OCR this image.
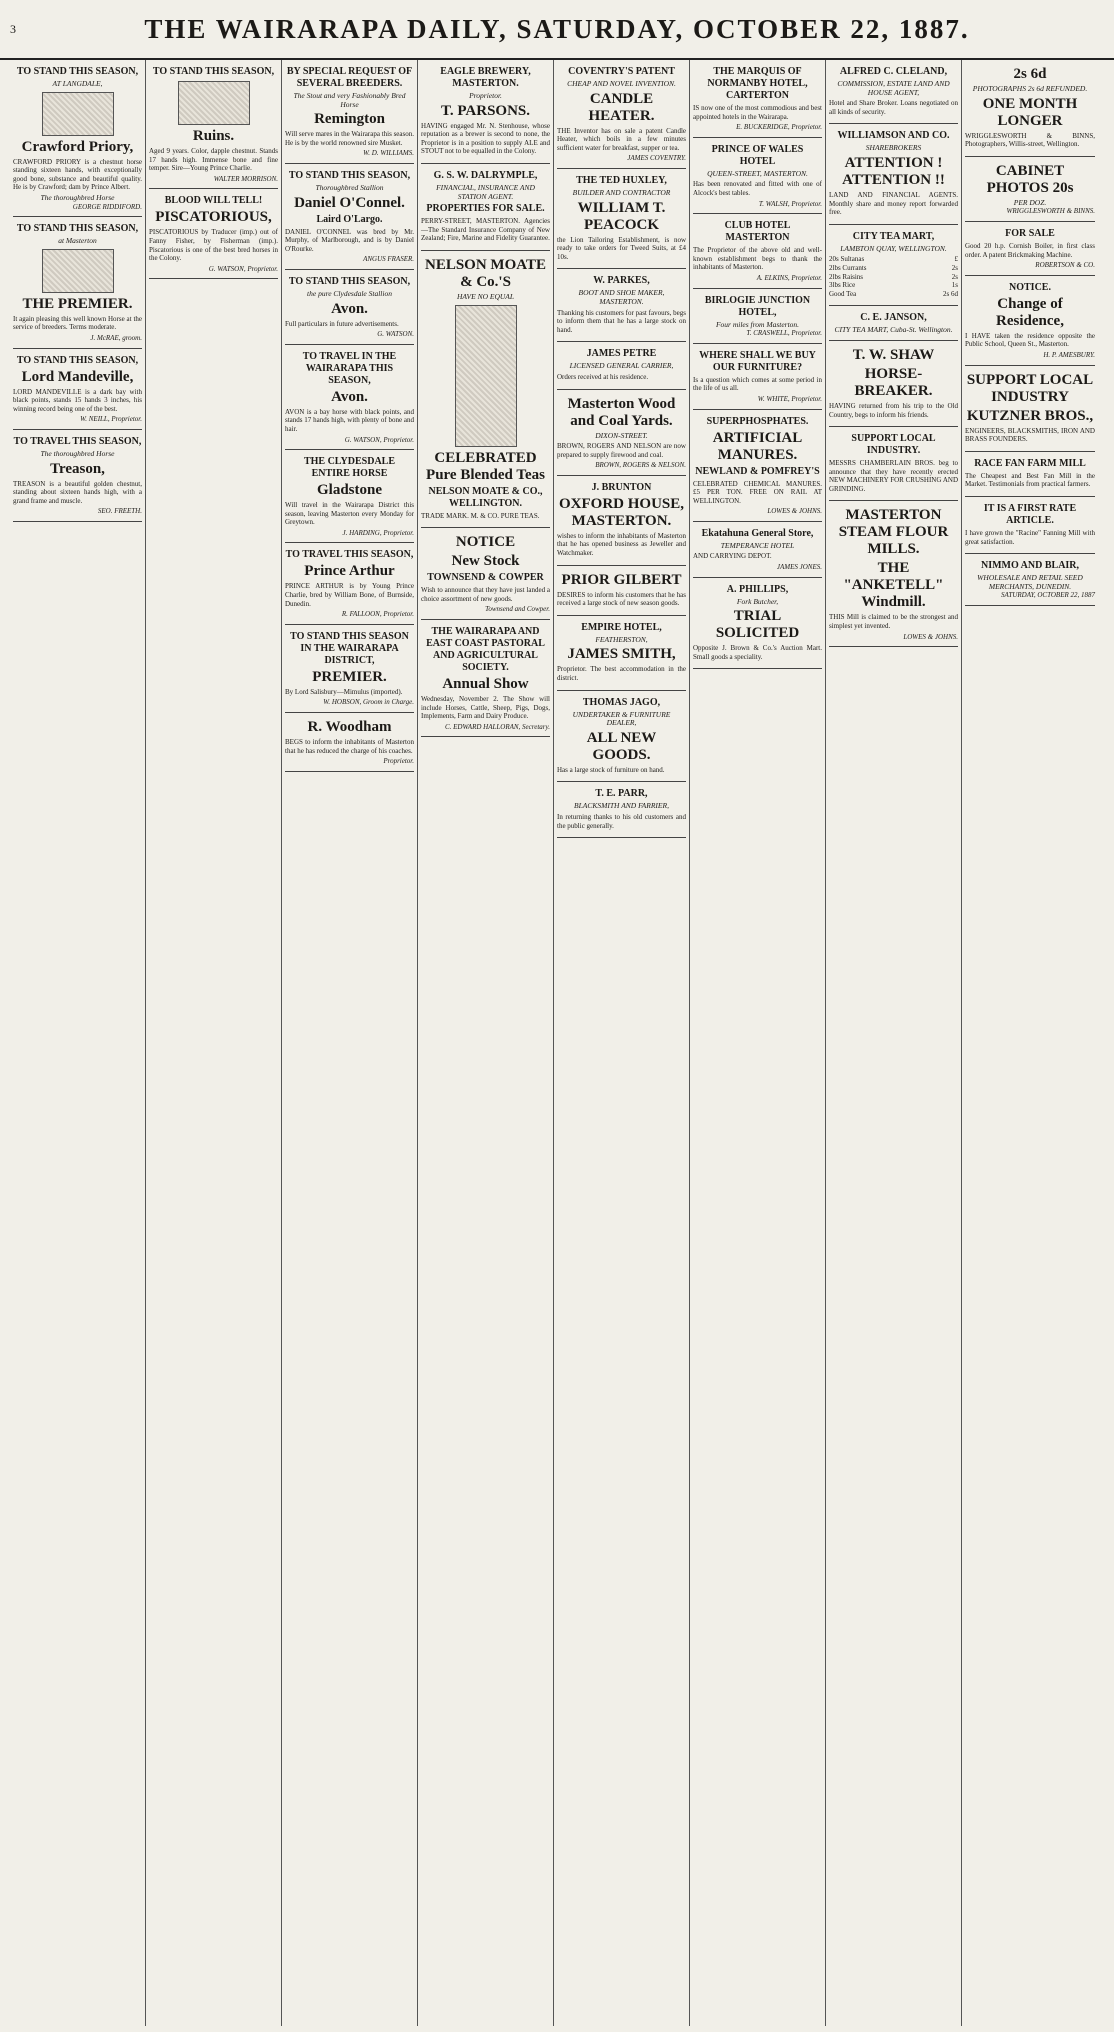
3	THE WAIRARAPA DAILY, SATURDAY, OCTOBER 22, 1887.
TO STAND THIS SEASON,
AT LANGDALE,
Crawford Priory,

CRAWFORD PRIORY is a chestnut horse standing sixteen hands, with exceptionally good bone, substance and beautiful quality. He is by Crawford; dam by Prince Albert.

The thoroughbred Horse
GEORGE RIDDIFORD.
TO STAND THIS SEASON,
at Masterton
THE PREMIER.

It again pleasing this well known Horse at the service of breeders. Terms moderate.

J. McRAE, groom.
TO STAND THIS SEASON,
Lord Mandeville,

LORD MANDEVILLE is a dark bay with black points, stands 15 hands 3 inches, his winning record being one of the best.

W. NEILL, Proprietor.
TO TRAVEL THIS SEASON,
The thoroughbred Horse
Treason,

TREASON is a beautiful golden chestnut, standing about sixteen hands high, with a grand frame and muscle.

SEO. FREETH.
TO STAND THIS SEASON,
Ruins.

Aged 9 years. Color, dapple chestnut. Stands 17 hands high. Immense bone and fine temper. Sire—Young Prince Charlie.

WALTER MORRISON.
BLOOD WILL TELL!
PISCATORIOUS,

PISCATORIOUS by Traducer (imp.) out of Fanny Fisher, by Fisherman (imp.). Piscatorious is one of the best bred horses in the Colony.

G. WATSON, Proprietor.
BY SPECIAL REQUEST OF SEVERAL BREEDERS.
The Stout and very Fashionably Bred Horse
Remington

Will serve mares in the Wairarapa this season. He is by the world renowned sire Musket.

W. D. WILLIAMS.
TO STAND THIS SEASON,
Thoroughbred Stallion
Daniel O'Connel.
Laird O'Largo.

DANIEL O'CONNEL was bred by Mr. Murphy, of Marlborough, and is by Daniel O'Rourke.

ANGUS FRASER.
TO STAND THIS SEASON,
the pure Clydesdale Stallion
Avon.

Full particulars in future advertisements.

G. WATSON.
TO TRAVEL IN THE WAIRARAPA THIS SEASON,
Avon.

AVON is a bay horse with black points, and stands 17 hands high, with plenty of bone and hair.

G. WATSON, Proprietor.
THE CLYDESDALE ENTIRE HORSE
Gladstone

Will travel in the Wairarapa District this season, leaving Masterton every Monday for Greytown.

J. HARDING, Proprietor.
TO TRAVEL THIS SEASON,
Prince Arthur

PRINCE ARTHUR is by Young Prince Charlie, bred by William Bone, of Burnside, Dunedin.

R. FALLOON, Proprietor.
TO STAND THIS SEASON IN THE WAIRARAPA DISTRICT,
PREMIER.

By Lord Salisbury—Mimulus (imported).

W. HOBSON, Groom in Charge.
R. Woodham

BEGS to inform the inhabitants of Masterton that he has reduced the charge of his coaches.

Proprietor.
EAGLE BREWERY, MASTERTON.
Proprietor.
T. PARSONS.

HAVING engaged Mr. N. Stenhouse, whose reputation as a brewer is second to none, the Proprietor is in a position to supply ALE and STOUT not to be equalled in the Colony.

G. S. W. DALRYMPLE,
FINANCIAL, INSURANCE AND STATION AGENT.
PROPERTIES FOR SALE.

PERRY-STREET, MASTERTON. Agencies—The Standard Insurance Company of New Zealand; Fire, Marine and Fidelity Guarantee.

NELSON MOATE & Co.'S
HAVE NO EQUAL
CELEBRATED Pure Blended Teas
NELSON MOATE & CO., WELLINGTON.

TRADE MARK. M. & CO. PURE TEAS.

NOTICE
New Stock
TOWNSEND & COWPER

Wish to announce that they have just landed a choice assortment of new goods.

Townsend and Cowper.
THE WAIRARAPA AND EAST COAST PASTORAL AND AGRICULTURAL SOCIETY.
Annual Show

Wednesday, November 2. The Show will include Horses, Cattle, Sheep, Pigs, Dogs, Implements, Farm and Dairy Produce.

C. EDWARD HALLORAN, Secretary.
COVENTRY'S PATENT
CHEAP AND NOVEL INVENTION.
CANDLE HEATER.

THE Inventor has on sale a patent Candle Heater, which boils in a few minutes sufficient water for breakfast, supper or tea.

JAMES COVENTRY.
THE TED HUXLEY,
BUILDER AND CONTRACTOR
WILLIAM T. PEACOCK

the Lion Tailoring Establishment, is now ready to take orders for Tweed Suits, at £4 10s.

W. PARKES,
BOOT AND SHOE MAKER, MASTERTON.

Thanking his customers for past favours, begs to inform them that he has a large stock on hand.

JAMES PETRE
LICENSED GENERAL CARRIER,

Orders received at his residence.

Masterton Wood and Coal Yards.
DIXON-STREET.

BROWN, ROGERS AND NELSON are now prepared to supply firewood and coal.

BROWN, ROGERS & NELSON.
J. BRUNTON
OXFORD HOUSE, MASTERTON.

wishes to inform the inhabitants of Masterton that he has opened business as Jeweller and Watchmaker.

PRIOR GILBERT

DESIRES to inform his customers that he has received a large stock of new season goods.

EMPIRE HOTEL,
FEATHERSTON,
JAMES SMITH,

Proprietor. The best accommodation in the district.

THOMAS JAGO,
UNDERTAKER & FURNITURE DEALER,
ALL NEW GOODS.

Has a large stock of furniture on hand.

T. E. PARR,
BLACKSMITH AND FARRIER,

In returning thanks to his old customers and the public generally.

THE MARQUIS OF NORMANBY HOTEL, CARTERTON

IS now one of the most commodious and best appointed hotels in the Wairarapa.

E. BUCKERIDGE, Proprietor.
PRINCE OF WALES HOTEL
QUEEN-STREET, MASTERTON.

Has been renovated and fitted with one of Alcock's best tables.

T. WALSH, Proprietor.
CLUB HOTEL MASTERTON

The Proprietor of the above old and well-known establishment begs to thank the inhabitants of Masterton.

A. ELKINS, Proprietor.
BIRLOGIE JUNCTION HOTEL,
Four miles from Masterton.
T. CRASWELL, Proprietor.
WHERE SHALL WE BUY OUR FURNITURE?

Is a question which comes at some period in the life of us all.

W. WHITE, Proprietor.
SUPERPHOSPHATES.
ARTIFICIAL MANURES.
NEWLAND & POMFREY'S

CELEBRATED CHEMICAL MANURES. £5 PER TON. FREE ON RAIL AT WELLINGTON.

LOWES & JOHNS.
Ekatahuna General Store,
TEMPERANCE HOTEL

AND CARRYING DEPOT.

JAMES JONES.
A. PHILLIPS,
Fork Butcher,
TRIAL SOLICITED

Opposite J. Brown & Co.'s Auction Mart. Small goods a speciality.

ALFRED C. CLELAND,
COMMISSION, ESTATE LAND AND HOUSE AGENT,

Hotel and Share Broker. Loans negotiated on all kinds of security.

WILLIAMSON AND CO.
SHAREBROKERS
ATTENTION ! ATTENTION !!

LAND AND FINANCIAL AGENTS. Monthly share and money report forwarded free.

CITY TEA MART,
LAMBTON QUAY, WELLINGTON.
20s Sultanas	£
2lbs Currants	2s
2lbs Raisins	2s
3lbs Rice	1s
Good Tea	2s 6d
C. E. JANSON,
CITY TEA MART, Cuba-St. Wellington.
T. W. SHAW
HORSE-BREAKER.

HAVING returned from his trip to the Old Country, begs to inform his friends.

SUPPORT LOCAL INDUSTRY.

MESSRS CHAMBERLAIN BROS. beg to announce that they have recently erected NEW MACHINERY FOR CRUSHING AND GRINDING.

MASTERTON STEAM FLOUR MILLS.
THE "ANKETELL" Windmill.

THIS Mill is claimed to be the strongest and simplest yet invented.

LOWES & JOHNS.
2s 6d
PHOTOGRAPHS 2s 6d REFUNDED.
ONE MONTH LONGER

WRIGGLESWORTH & BINNS, Photographers, Willis-street, Wellington.

CABINET PHOTOS 20s
PER DOZ.
WRIGGLESWORTH & BINNS.
FOR SALE

Good 20 h.p. Cornish Boiler, in first class order. A patent Brickmaking Machine.

ROBERTSON & CO.
NOTICE.
Change of Residence,

I HAVE taken the residence opposite the Public School, Queen St., Masterton.

H. P. AMESBURY.
SUPPORT LOCAL INDUSTRY
KUTZNER BROS.,

ENGINEERS, BLACKSMITHS, IRON AND BRASS FOUNDERS.

RACE FAN FARM MILL

The Cheapest and Best Fan Mill in the Market. Testimonials from practical farmers.

IT IS A FIRST RATE ARTICLE.

I have grown the "Racine" Fanning Mill with great satisfaction.

NIMMO AND BLAIR,
WHOLESALE AND RETAIL SEED MERCHANTS, DUNEDIN.
SATURDAY, OCTOBER 22, 1887
